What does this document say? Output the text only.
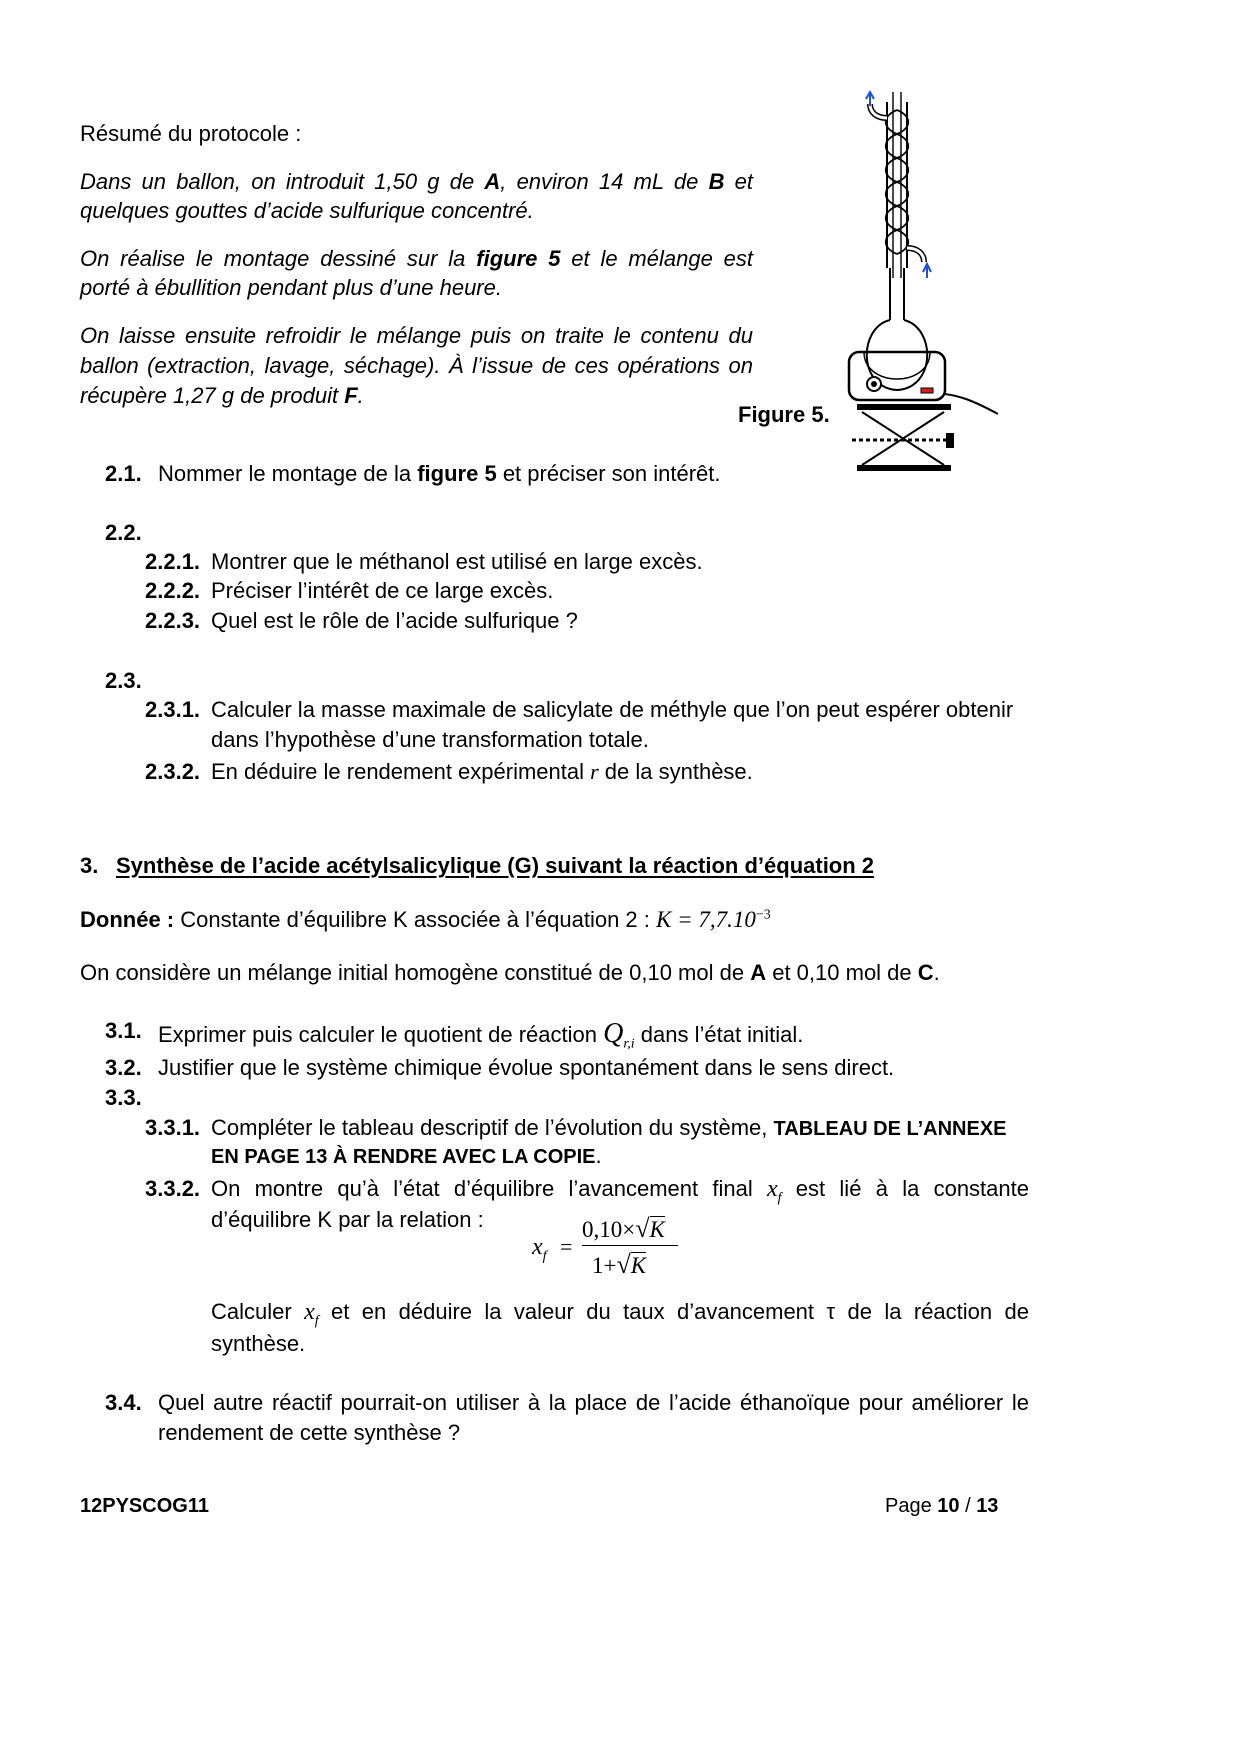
Résumé du protocole :
Dans un ballon, on introduit 1,50 g de A, environ 14 mL de B et
quelques gouttes d’acide sulfurique concentré.
On réalise le montage dessiné sur la figure 5 et le mélange est
porté à ébullition pendant plus d’une heure.
On laisse ensuite refroidir le mélange puis on traite le contenu du
ballon (extraction, lavage, séchage). À l’issue de ces opérations on
récupère 1,27 g de produit F.
Figure 5.
2.1. Nommer le montage de la figure 5 et préciser son intérêt.
2.2.
2.2.1. Montrer que le méthanol est utilisé en large excès.
2.2.2. Préciser l’intérêt de ce large excès.
2.2.3. Quel est le rôle de l’acide sulfurique ?
2.3.
2.3.1. Calculer la masse maximale de salicylate de méthyle que l’on peut espérer obtenir
dans l’hypothèse d’une transformation totale.
2.3.2. En déduire le rendement expérimental r de la synthèse.
3. Synthèse de l’acide acétylsalicylique (G) suivant la réaction d’équation 2
Donnée : Constante d’équilibre K associée à l’équation 2 : $K = 7,7.10^{-3}$
On considère un mélange initial homogène constitué de 0,10 mol de A et 0,10 mol de C.
3.1. Exprimer puis calculer le quotient de réaction $Q_{r,i}$ dans l’état initial.
3.2. Justifier que le système chimique évolue spontanément dans le sens direct.
3.3.
3.3.1. Compléter le tableau descriptif de l’évolution du système, TABLEAU DE L’ANNEXE
EN PAGE 13 À RENDRE AVEC LA COPIE.
3.3.2. On montre qu’à l’état d’équilibre l’avancement final $x_f$ est lié à la constante
d’équilibre K par la relation :
$x_f$ =
0,10×√K
1+√K
Calculer $x_f$ et en déduire la valeur du taux d’avancement τ de la réaction de
synthèse.
3.4. Quel autre réactif pourrait-on utiliser à la place de l’acide éthanoïque pour améliorer le
rendement de cette synthèse ?
12PYSCOG11	Page 10 / 13
